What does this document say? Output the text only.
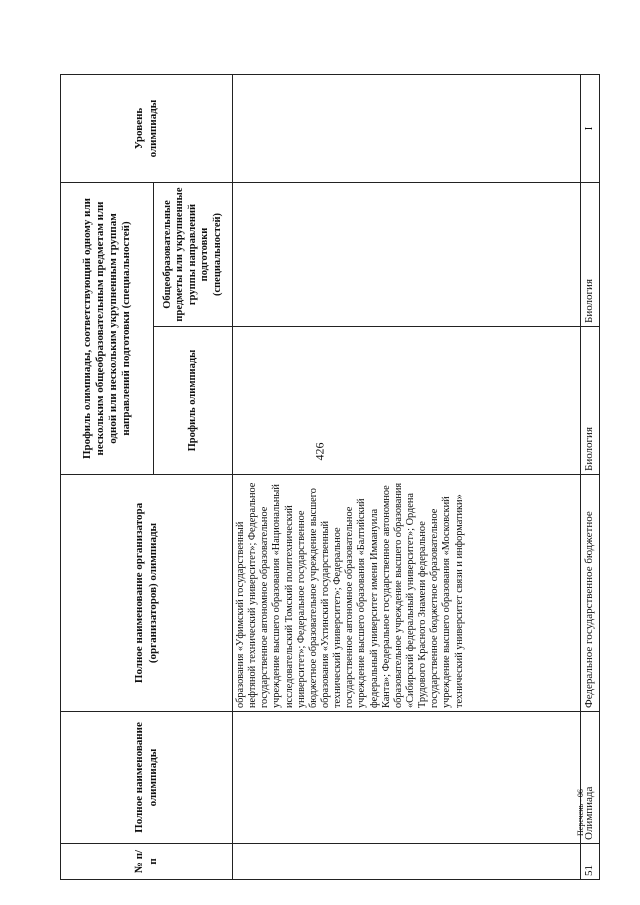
426
№ п/п	Полное наименование олимпиады	Полное наименование организатора (организаторов) олимпиады	Профиль олимпиады, соответствующий одному или нескольким общеобразовательным предметам или одной или нескольким укрупненным группам направлений подготовки (специальностей)		Уровень олимпиады
			Профиль олимпиады	Общеобразовательные предметы или укрупненные группы направлений подготовки (специальностей)	
		образования «Уфимский государственный нефтяной технический университет»; Федеральное государственное автономное образовательное учреждение высшего образования «Национальный исследовательский Томский политехнический университет»; Федеральное государственное бюджетное образовательное учреждение высшего образования «Ухтинский государственный технический университет»; Федеральное государственное автономное образовательное учреждение высшего образования «Балтийский федеральный университет имени Иммануила Канта»; Федеральное государственное автономное образовательное учреждение высшего образования «Сибирский федеральный университет»; Ордена Трудового Красного Знамени федеральное государственное бюджетное образовательное учреждение высшего образования «Московский технический университет связи и информатики»			
51	Олимпиада	Федеральное государственное бюджетное	Биология	Биология	I
Перечень - 06
